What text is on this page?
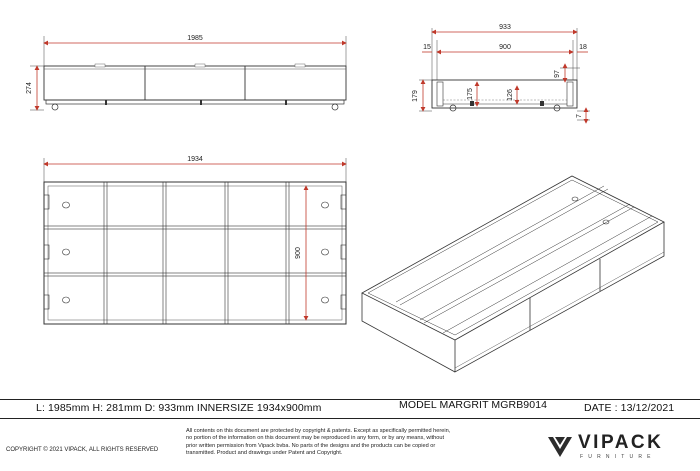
1985
274
933
900
15	18
179	175	126
97
7
1934
900
L: 1985mm H: 281mm D: 933mm INNERSIZE 1934x900mm	MODEL MARGRIT MGRB9014	DATE : 13/12/2021
COPYRIGHT © 2021 VIPACK, ALL RIGHTS RESERVED
All contents on this document are protected by copyright & patents. Except as specifically permitted herein,
no portion of the information on this document may be reproduced in any form, or by any means, without
prior written permission from Vipack bvba. No parts of the designs and the products can be copied or
transmitted. Product and drawings under Patent and Copyright.
VIPACK
FURNITURE
